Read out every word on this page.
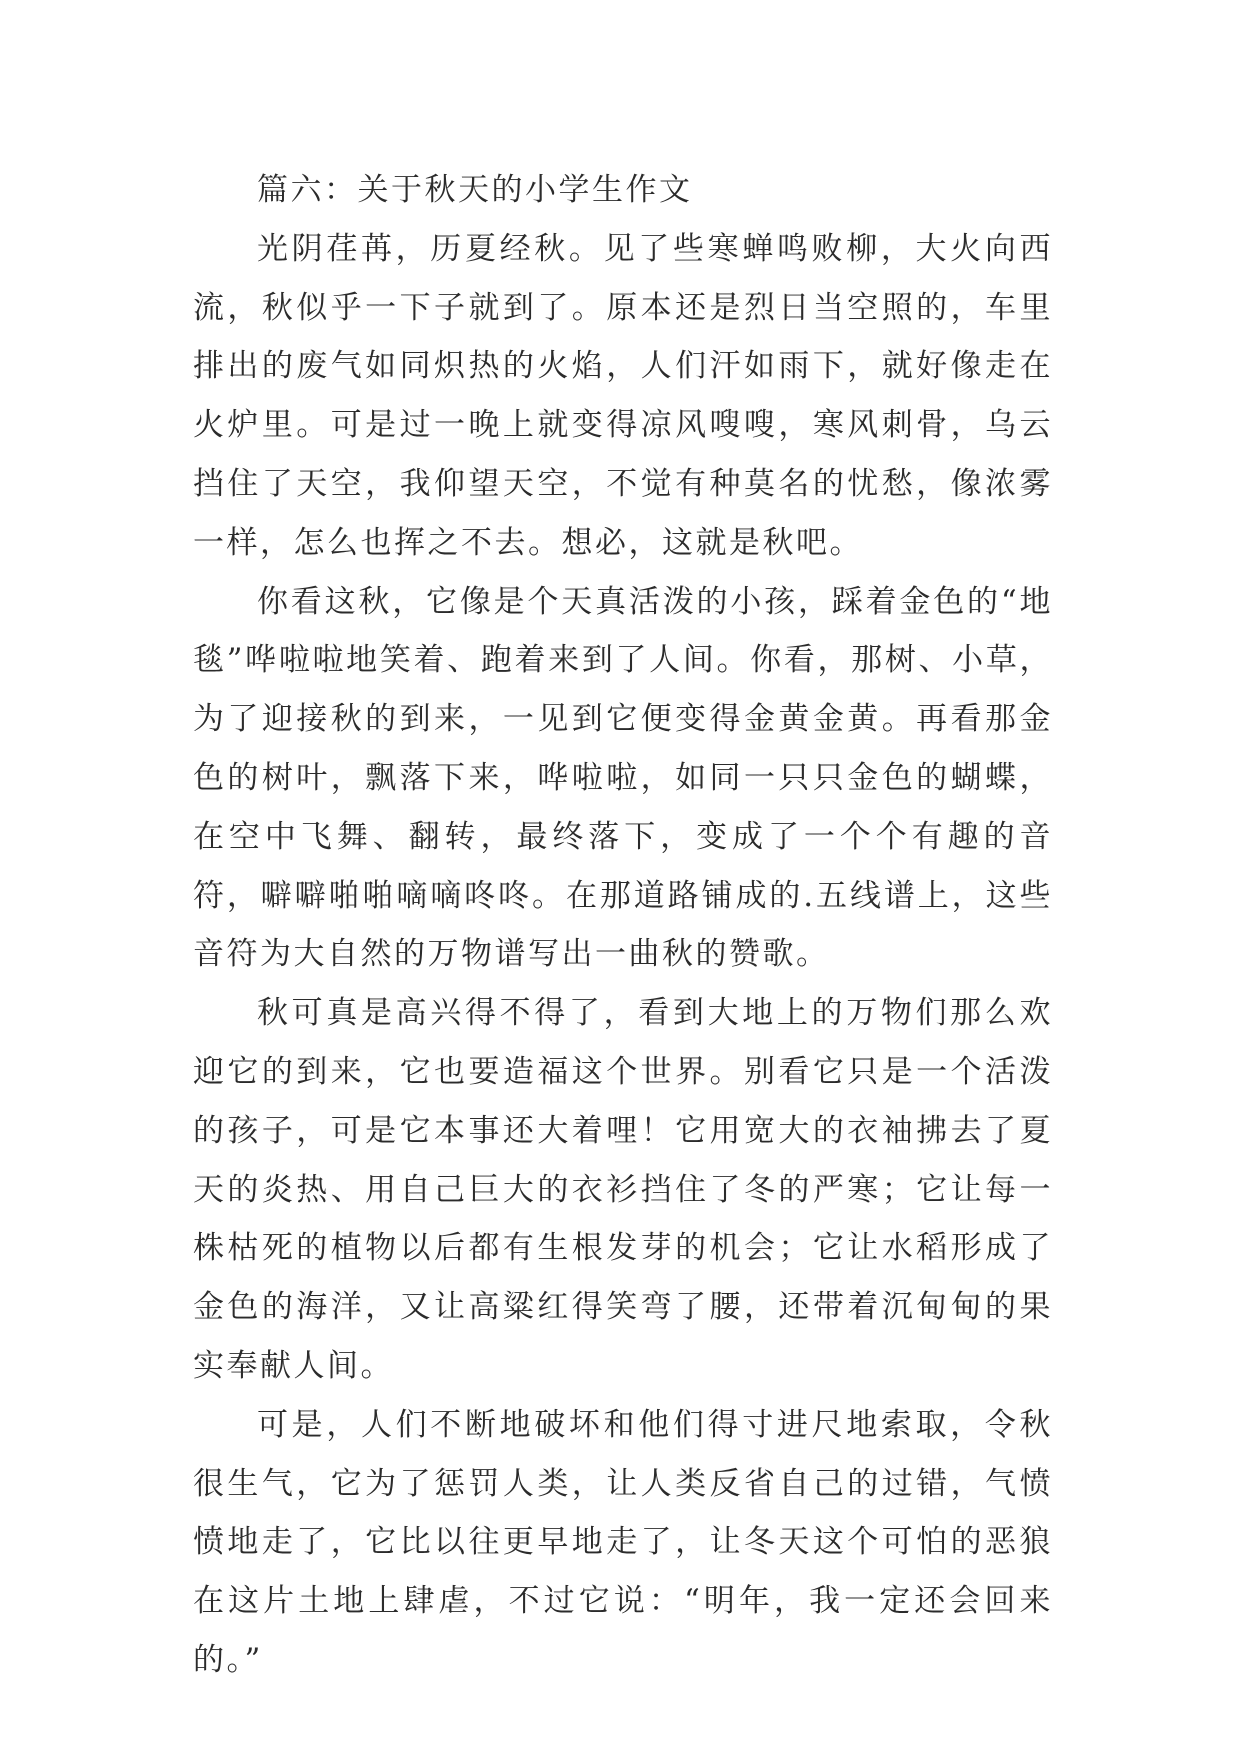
篇六：关于秋天的小学生作文

光阴荏苒，历夏经秋。见了些寒蝉鸣败柳，大火向西流，秋似乎一下子就到了。原本还是烈日当空照的，车里排出的废气如同炽热的火焰，人们汗如雨下，就好像走在火炉里。可是过一晚上就变得凉风嗖嗖，寒风刺骨，乌云挡住了天空，我仰望天空，不觉有种莫名的忧愁，像浓雾一样，怎么也挥之不去。想必，这就是秋吧。

你看这秋，它像是个天真活泼的小孩，踩着金色的“地毯”哗啦啦地笑着、跑着来到了人间。你看，那树、小草，为了迎接秋的到来，一见到它便变得金黄金黄。再看那金色的树叶，飘落下来，哗啦啦，如同一只只金色的蝴蝶，在空中飞舞、翻转，最终落下，变成了一个个有趣的音符，噼噼啪啪嘀嘀咚咚。在那道路铺成的.五线谱上，这些音符为大自然的万物谱写出一曲秋的赞歌。

秋可真是高兴得不得了，看到大地上的万物们那么欢迎它的到来，它也要造福这个世界。别看它只是一个活泼的孩子，可是它本事还大着哩！它用宽大的衣袖拂去了夏天的炎热、用自己巨大的衣衫挡住了冬的严寒；它让每一株枯死的植物以后都有生根发芽的机会；它让水稻形成了金色的海洋，又让高粱红得笑弯了腰，还带着沉甸甸的果实奉献人间。

可是，人们不断地破坏和他们得寸进尺地索取，令秋很生气，它为了惩罚人类，让人类反省自己的过错，气愤愤地走了，它比以往更早地走了，让冬天这个可怕的恶狼在这片土地上肆虐，不过它说：“明年，我一定还会回来的。”
